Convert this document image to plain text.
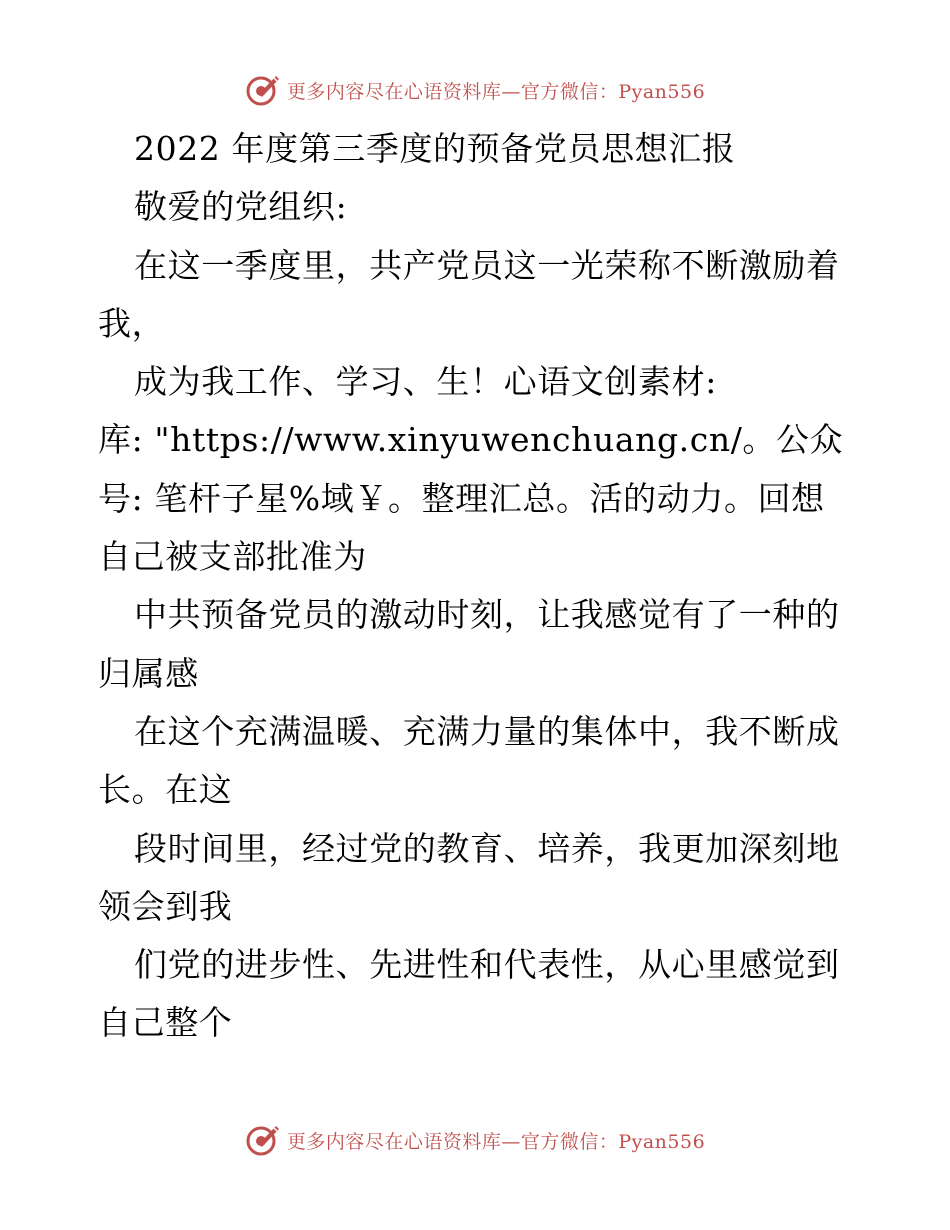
更多内容尽在心语资料库—官方微信：Pyan556
2022 年度第三季度的预备党员思想汇报
敬爱的党组织:
在这一季度里，共产党员这一光荣称不断激励着
我，
成为我工作、学习、生！心语文创素材:
库: "https://www.xinyuwenchuang.cn/。公众
号: 笔杆子星%域￥。整理汇总。活的动力。回想
自己被支部批准为
中共预备党员的激动时刻，让我感觉有了一种的
归属感
在这个充满温暖、充满力量的集体中，我不断成
长。在这
段时间里，经过党的教育、培养，我更加深刻地
领会到我
们党的进步性、先进性和代表性，从心里感觉到
自己整个
更多内容尽在心语资料库—官方微信：Pyan556
